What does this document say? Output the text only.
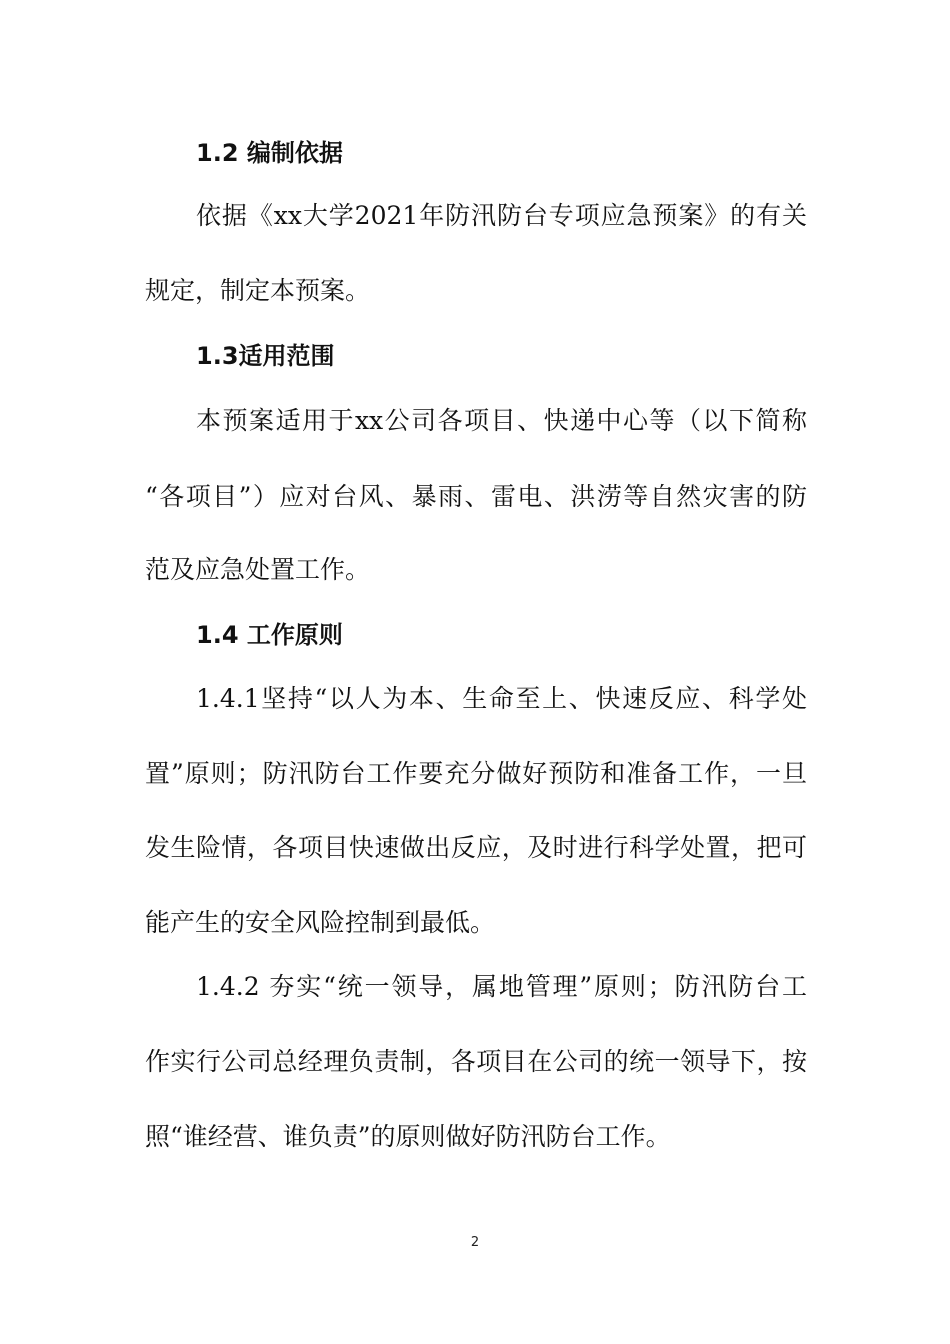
1.2 编制依据
依据《xx大学2021年防汛防台专项应急预案》的有关
规定，制定本预案。
1.3适用范围
本预案适用于xx公司各项目、快递中心等（以下简称
“各项目”）应对台风、暴雨、雷电、洪涝等自然灾害的防
范及应急处置工作。
1.4 工作原则
1.4.1坚持“以人为本、生命至上、快速反应、科学处
置”原则；防汛防台工作要充分做好预防和准备工作，一旦
发生险情，各项目快速做出反应，及时进行科学处置，把可
能产生的安全风险控制到最低。
1.4.2 夯实“统一领导，属地管理”原则；防汛防台工
作实行公司总经理负责制，各项目在公司的统一领导下，按
照“谁经营、谁负责”的原则做好防汛防台工作。
2
